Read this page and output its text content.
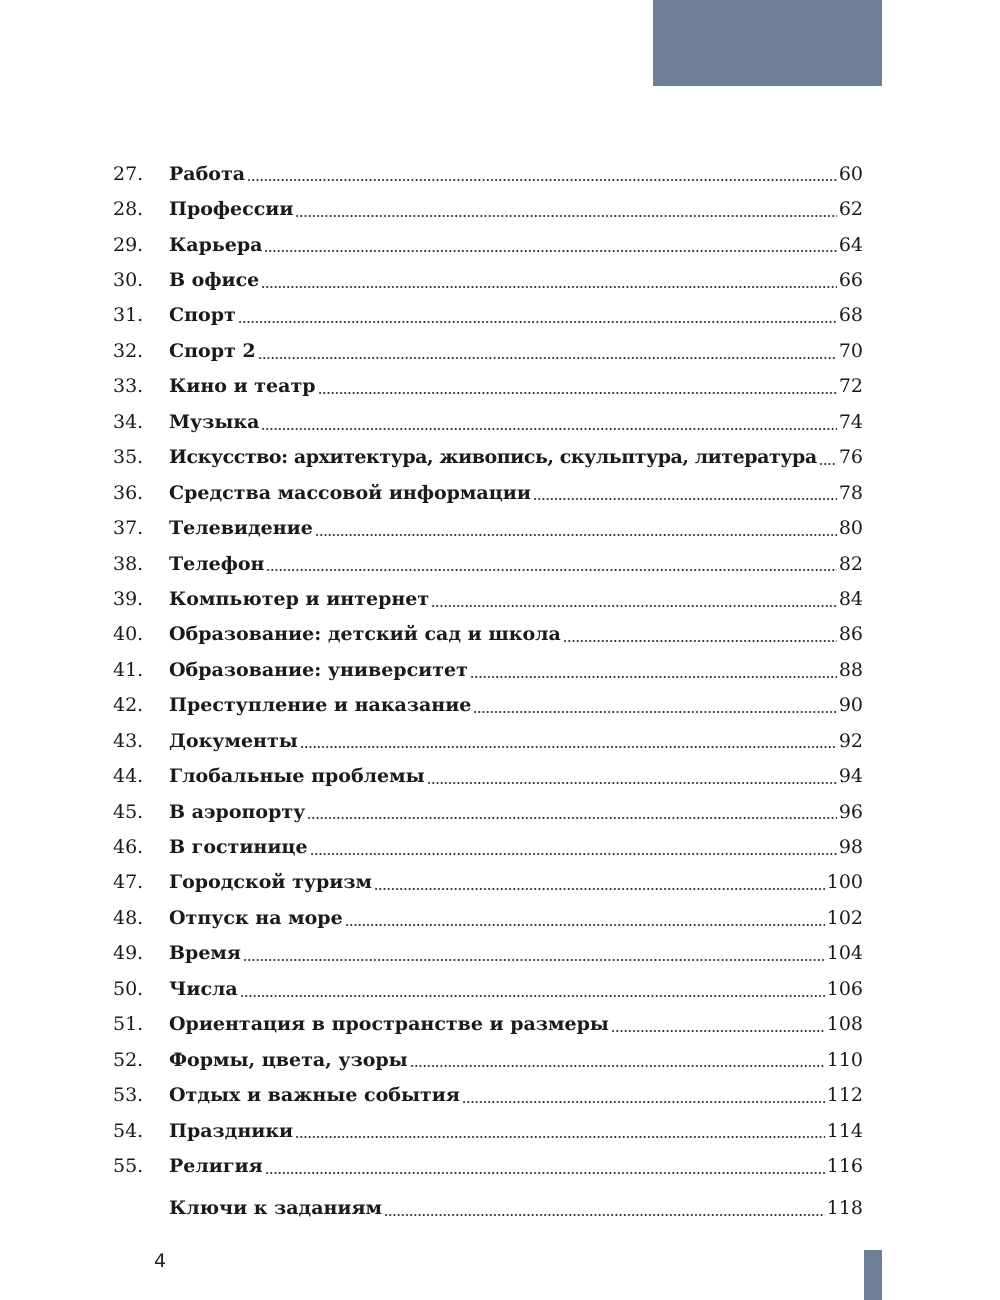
27.	Работа	60
28.	Профессии	62
29.	Карьера	64
30.	В офисе	66
31.	Спорт	68
32.	Спорт 2	70
33.	Кино и театр	72
34.	Музыка	74
35.	Искусство: архитектура, живопись, скульптура, литература 76
36.	Средства массовой информации	78
37.	Телевидение	80
38.	Телефон	82
39.	Компьютер и интернет	84
40.	Образование: детский сад и школа	86
41.	Образование: университет	88
42.	Преступление и наказание	90
43.	Документы	92
44.	Глобальные проблемы	94
45.	В аэропорту	96
46.	В гостинице	98
47.	Городской туризм	100
48.	Отпуск на море	102
49.	Время	104
50.	Числа	106
51.	Ориентация в пространстве и размеры	108
52.	Формы, цвета, узоры	110
53.	Отдых и важные события	112
54.	Праздники	114
55.	Религия	116
Ключи к заданиям	118
4
